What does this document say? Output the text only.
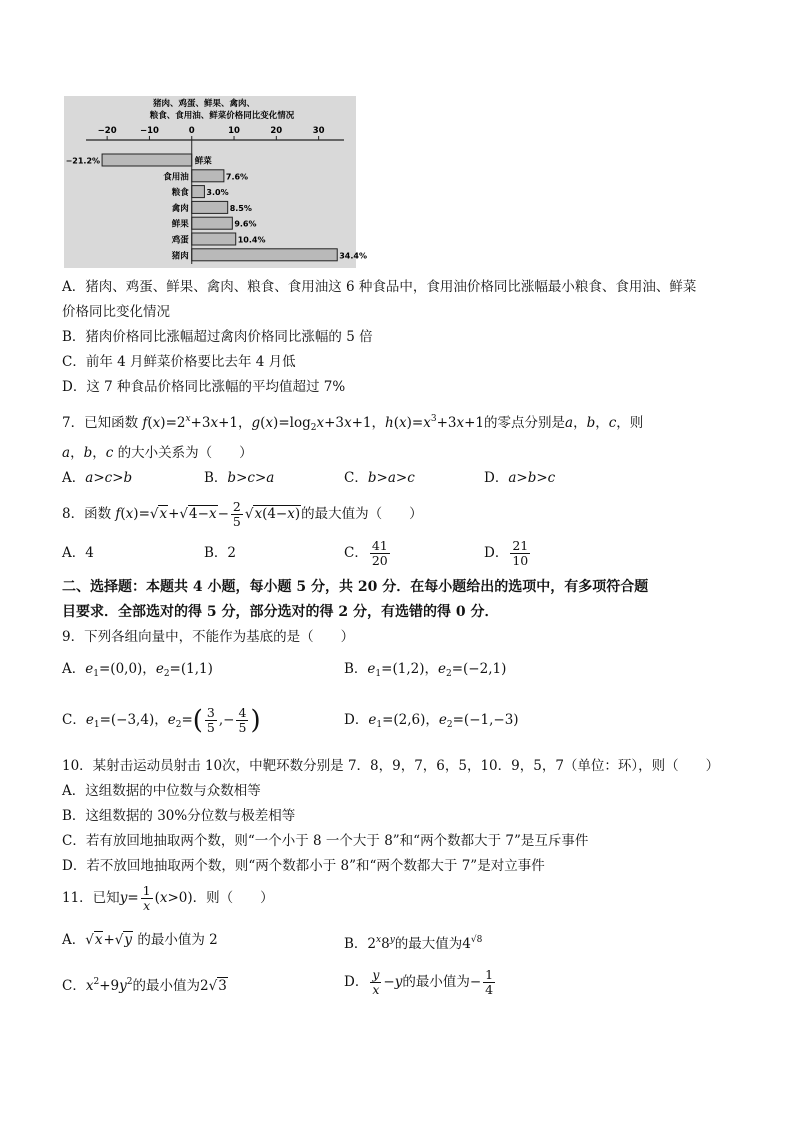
猪肉、鸡蛋、鲜果、禽肉、
粮食、食用油、鲜菜价格同比变化情况
−20	−10	0	10	20	30
鲜菜
−21.2%
食用油	7.6%
粮食 3.0%
禽肉	8.5%
鲜果	9.6%
鸡蛋	10.4%
猪肉	34.4%
A．猪肉、鸡蛋、鲜果、禽肉、粮食、食用油这 6 种食品中，食用油价格同比涨幅最小粮食、食用油、鲜菜
价格同比变化情况
B．猪肉价格同比涨幅超过禽肉价格同比涨幅的 5 倍
C．前年 4 月鲜菜价格要比去年 4 月低
D．这 7 种食品价格同比涨幅的平均值超过 7%
7．已知函数 $f(x)=2^x+3x+1$，$g(x)=\log_2x+3x+1$，$h(x)=x^3+3x+1$的零点分别是a，b，c，则
a，b，c 的大小关系为（　　）
A．a>c>b	B．b>c>a	C．b>a>c	D．a>b>c
8．函数 $f(x)=√x+√4-x- \frac{2}{5} √x(4-x)$的最大值为（　　）
A．4	B．2	C． $\frac{41}{20}$	D． $\frac{21}{10}$
二、选择题：本题共 4 小题，每小题 5 分，共 20 分．在每小题给出的选项中，有多项符合题
目要求．全部选对的得 5 分，部分选对的得 2 分，有选错的得 0 分．
9．下列各组向量中，不能作为基底的是（　　）
A．$e_1=(0,0)$，$e_2=(1,1)$	B．$e_1=(1,2)$，$e_2=(-2,1)$
C．$e_1=(-3,4)$，$e_2=( \frac{3}{5}$ ,− $\frac{4}{5}$ )	D．$e_1=(2,6)$，$e_2=(-1,-3)$
10．某射击运动员射击 10次，中靶环数分别是 7．8，9，7，6，5，10．9，5，7（单位：环），则（　　）
A．这组数据的中位数与众数相等
B．这组数据的 30%分位数与极差相等
C．若有放回地抽取两个数，则“一个小于 8 一个大于 8”和“两个数都大于 7”是互斥事件
D．若不放回地抽取两个数，则“两个数都小于 8”和“两个数都大于 7”是对立事件
11．已知$y= \frac{1}{x} (x>0)$．则（　　）
A．√x+√y 的最小值为 2	B．2$^x$8$^y$的最大值为$4^{√8}$
C．$x^2+9y^2$的最小值为2√3	D． $\frac{y}{x} -y$的最小值为− $\frac{1}{4}$
